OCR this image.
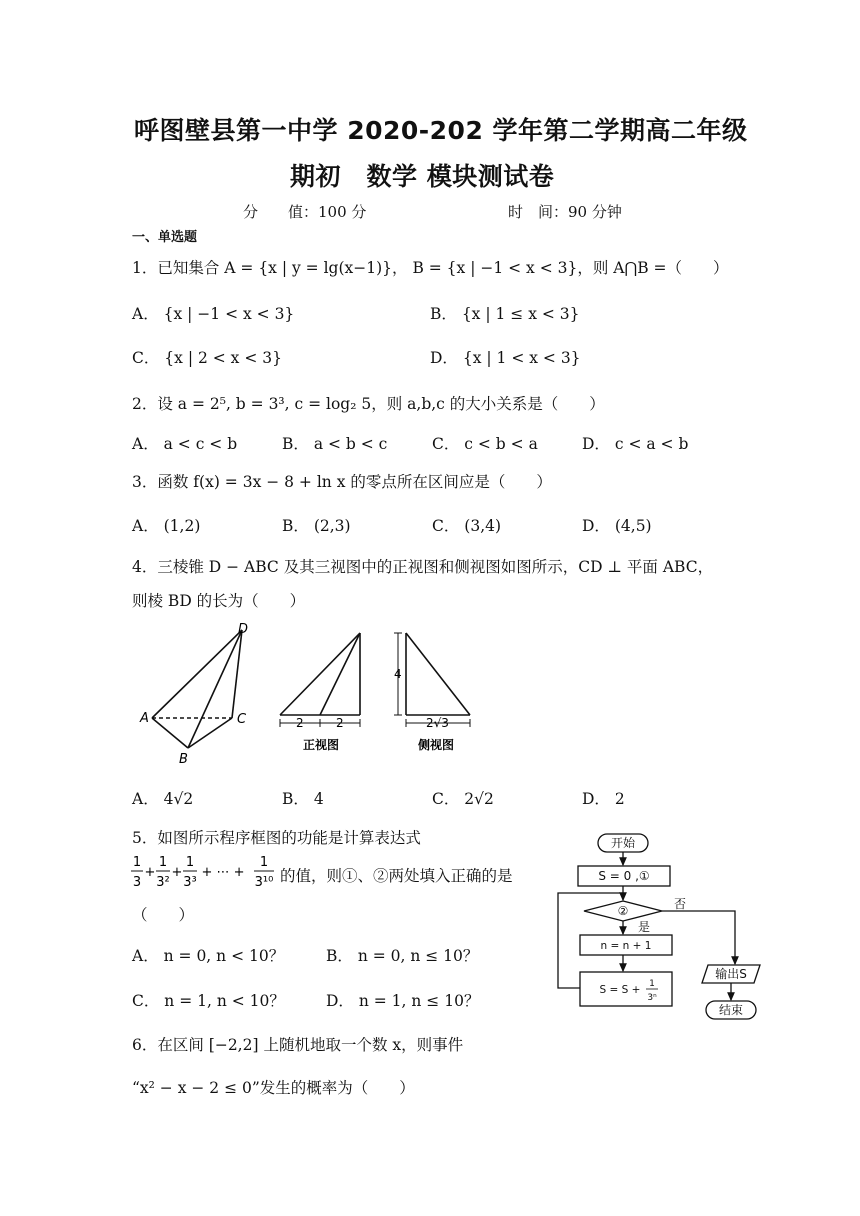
呼图壁县第一中学 2020-202 学年第二学期高二年级
期初　数学 模块测试卷
分　　值：100 分	时　间：90 分钟
一、单选题
1．已知集合 A = {x | y = lg(x−1)}， B = {x | −1 < x < 3}，则 A⋂B =（　　）
A． {x | −1 < x < 3}	B． {x | 1 ≤ x < 3}
C． {x | 2 < x < 3}	D． {x | 1 < x < 3}
2．设 a = 2⁵, b = 3³, c = log₂ 5，则 a,b,c 的大小关系是（　　）
A． a < c < b	B． a < b < c	C． c < b < a	D． c < a < b
3．函数 f(x) = 3x − 8 + ln x 的零点所在区间应是（　　）
A． (1,2)	B． (2,3)	C． (3,4)	D． (4,5)
4．三棱锥 D − ABC 及其三视图中的正视图和侧视图如图所示，CD ⊥ 平面 ABC，
则棱 BD 的长为（　　）
A
B
C
D
2	2
正视图
4
2√3
侧视图
A． 4√2	B． 4	C． 2√2	D． 2
5．如图所示程序框图的功能是计算表达式
1
3
+
1
3²
+
1
3³
+ ⋯ +
1
3¹⁰ 的值，则①、②两处填入正确的是
（　　）
开始
S = 0 ,①
②	否
是
n = n + 1
S = S + 1
3ⁿ
输出S
结束
A． n = 0, n < 10？	B． n = 0, n ≤ 10？
C． n = 1, n < 10？	D． n = 1, n ≤ 10？
6．在区间 [−2,2] 上随机地取一个数 x，则事件
“x² − x − 2 ≤ 0”发生的概率为（　　）
